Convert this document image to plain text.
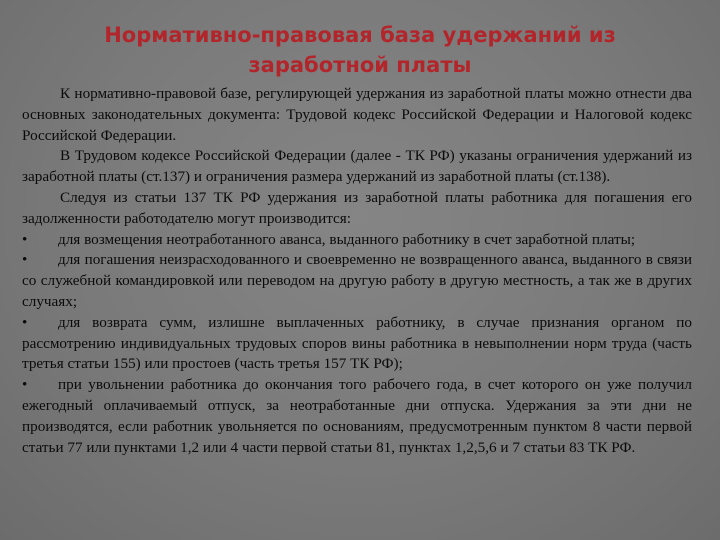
Нормативно-правовая база удержаний из
заработной платы

К нормативно-правовой базе, регулирующей удержания из заработной платы можно отнести два основных законодательных документа: Трудовой кодекс Российской Федерации и Налоговой кодекс Российской Федерации.

В Трудовом кодексе Российской Федерации (далее - ТК РФ) указаны ограничения удержаний из заработной платы (ст.137) и ограничения размера удержаний из заработной платы (ст.138).

Следуя из статьи 137 ТК РФ удержания из заработной платы работника для погашения его задолженности работодателю могут производится:

• для возмещения неотработанного аванса, выданного работнику в счет заработной платы;

• для погашения неизрасходованного и своевременно не возвращенного аванса, выданного в связи со служебной командировкой или переводом на другую работу в другую местность, а так же в других случаях;

• для возврата сумм, излишне выплаченных работнику, в случае признания органом по рассмотрению индивидуальных трудовых споров вины работника в невыполнении норм труда (часть третья статьи 155) или простоев (часть третья 157 ТК РФ);

• при увольнении работника до окончания того рабочего года, в счет которого он уже получил ежегодный оплачиваемый отпуск, за неотработанные дни отпуска. Удержания за эти дни не производятся, если работник увольняется по основаниям, предусмотренным пунктом 8 части первой статьи 77 или пунктами 1,2 или 4 части первой статьи 81, пунктах 1,2,5,6 и 7 статьи 83 ТК РФ.
